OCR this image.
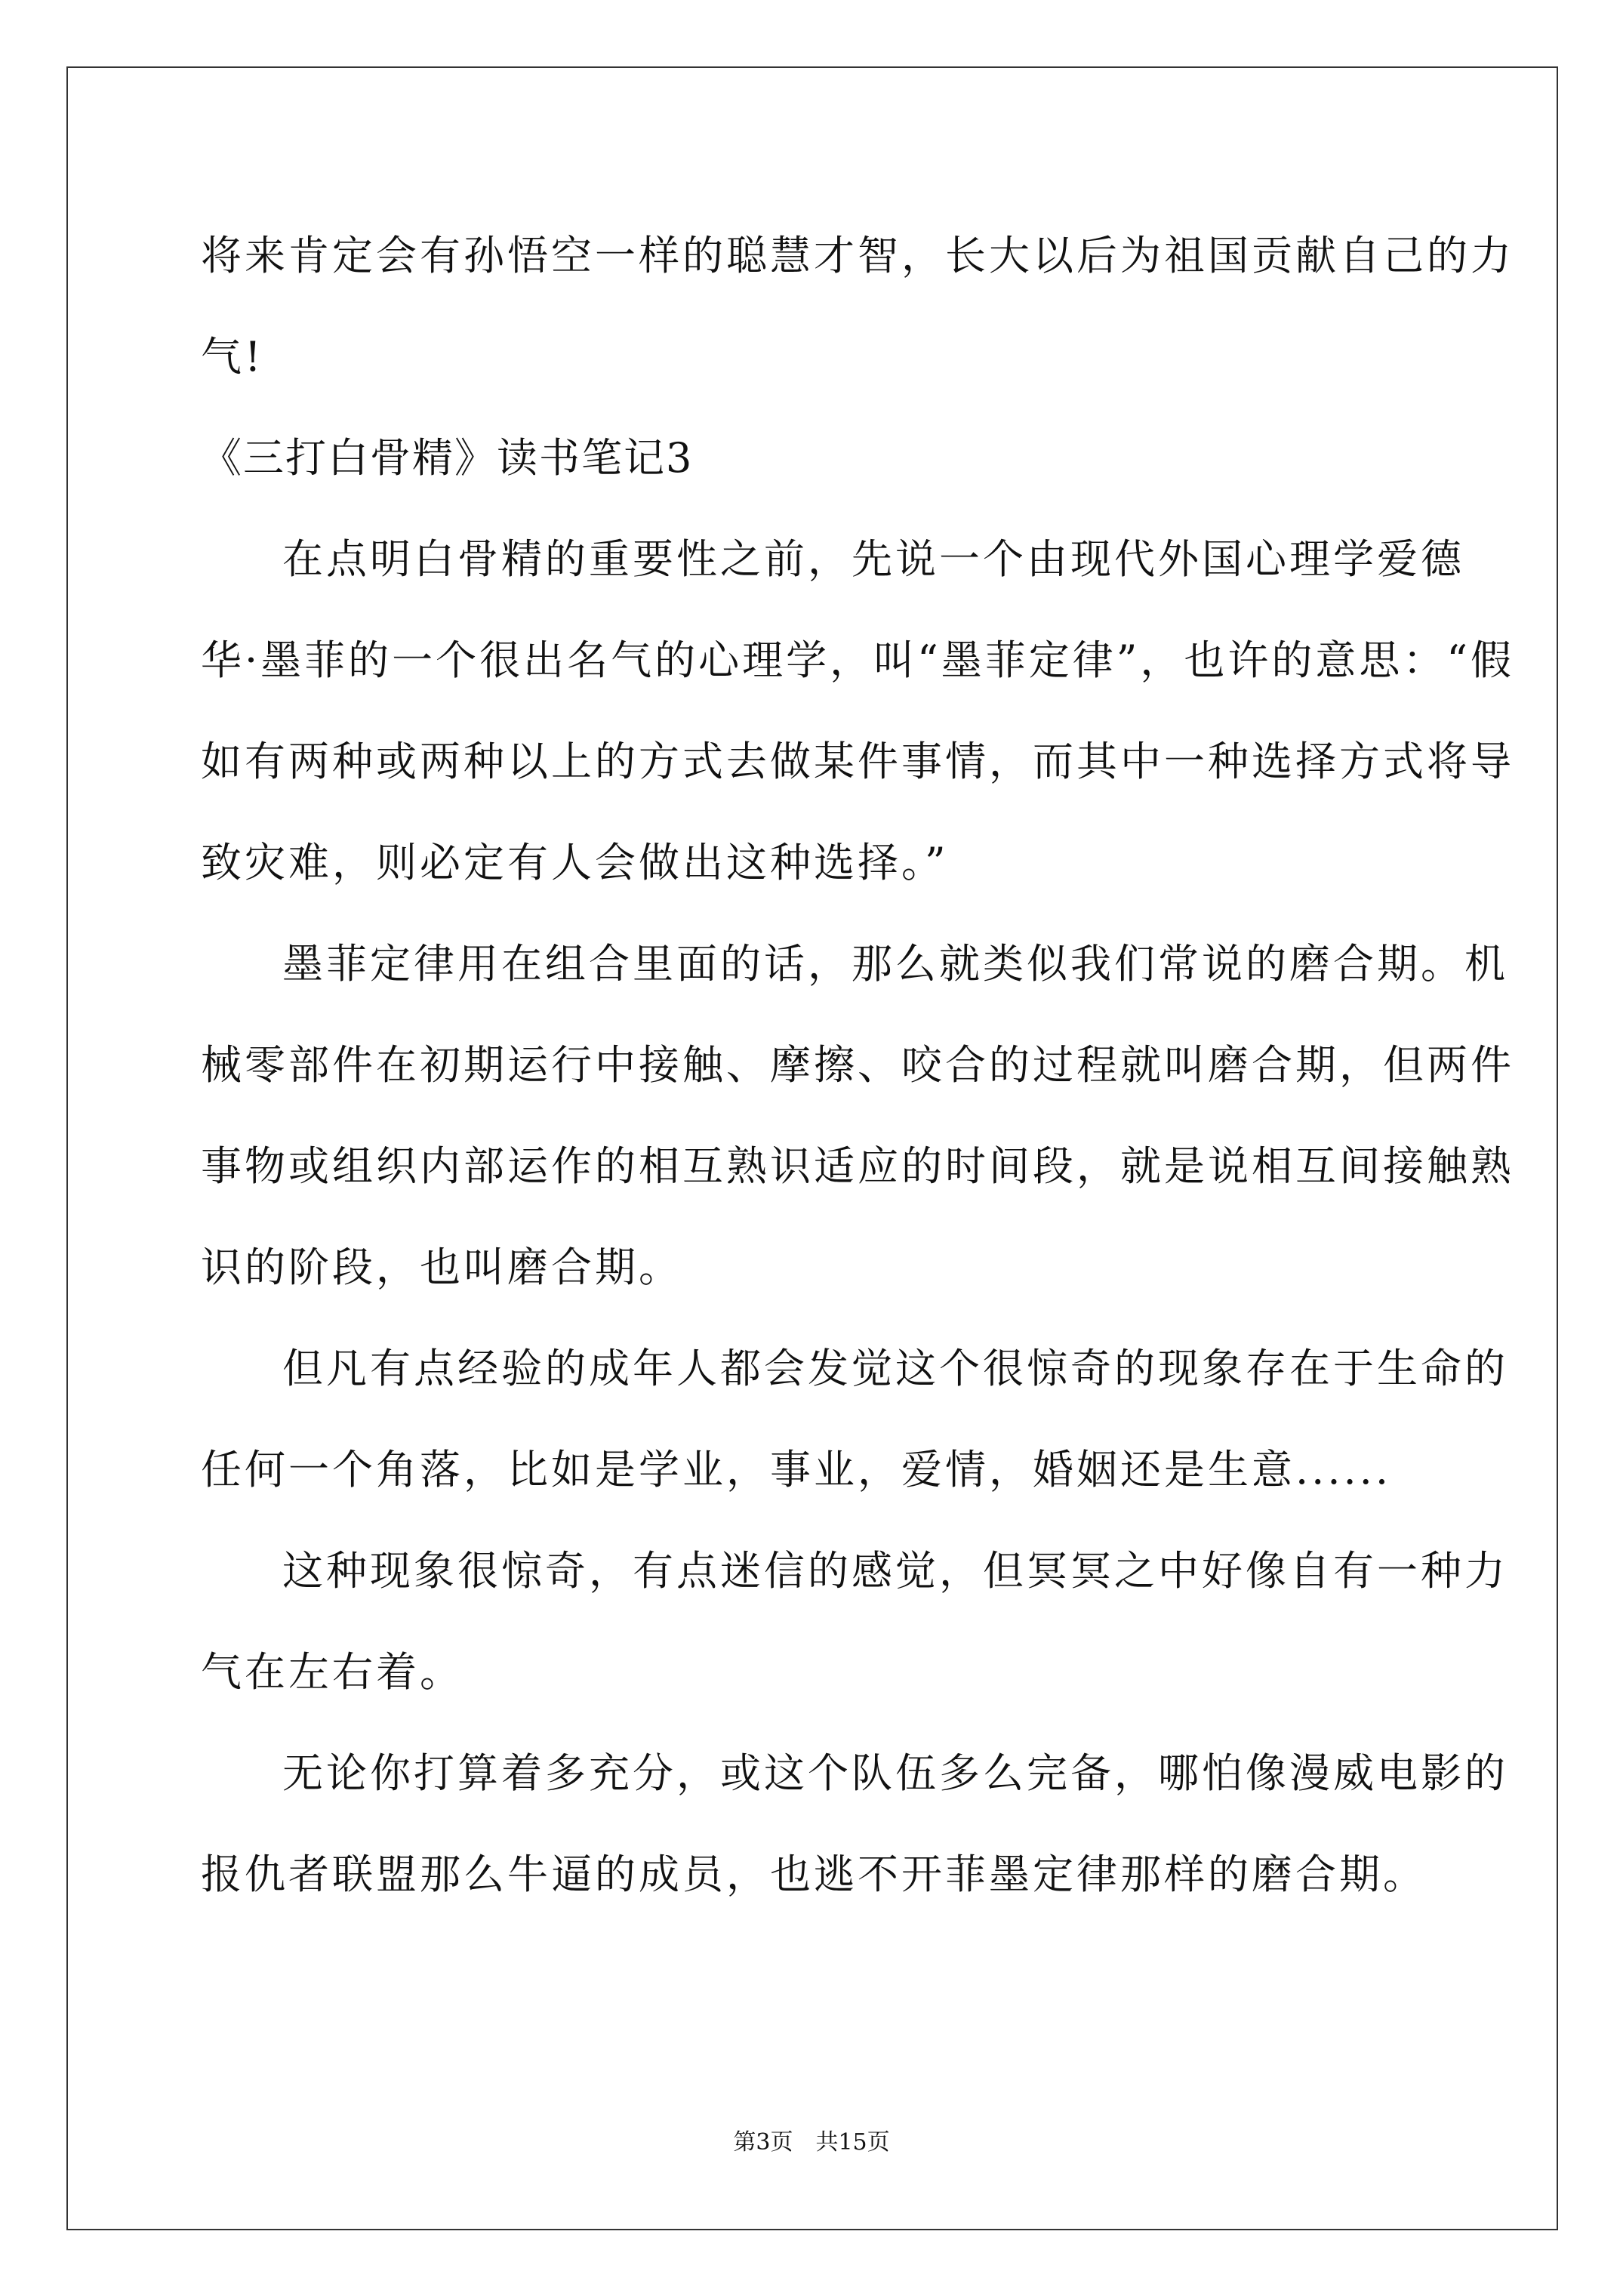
将来肯定会有孙悟空一样的聪慧才智，长大以后为祖国贡献自己的力
气!
《三打白骨精》读书笔记3
在点明白骨精的重要性之前，先说一个由现代外国心理学爱德
华·墨菲的一个很出名气的心理学，叫“墨菲定律”，也许的意思：“假
如有两种或两种以上的方式去做某件事情，而其中一种选择方式将导
致灾难，则必定有人会做出这种选择。”
墨菲定律用在组合里面的话，那么就类似我们常说的磨合期。机
械零部件在初期运行中接触、摩擦、咬合的过程就叫磨合期，但两件
事物或组织内部运作的相互熟识适应的时间段，就是说相互间接触熟
识的阶段，也叫磨合期。
但凡有点经验的成年人都会发觉这个很惊奇的现象存在于生命的
任何一个角落，比如是学业，事业，爱情，婚姻还是生意......
这种现象很惊奇，有点迷信的感觉，但冥冥之中好像自有一种力
气在左右着。
无论你打算着多充分，或这个队伍多么完备，哪怕像漫威电影的
报仇者联盟那么牛逼的成员，也逃不开菲墨定律那样的磨合期。
第3页　共15页
